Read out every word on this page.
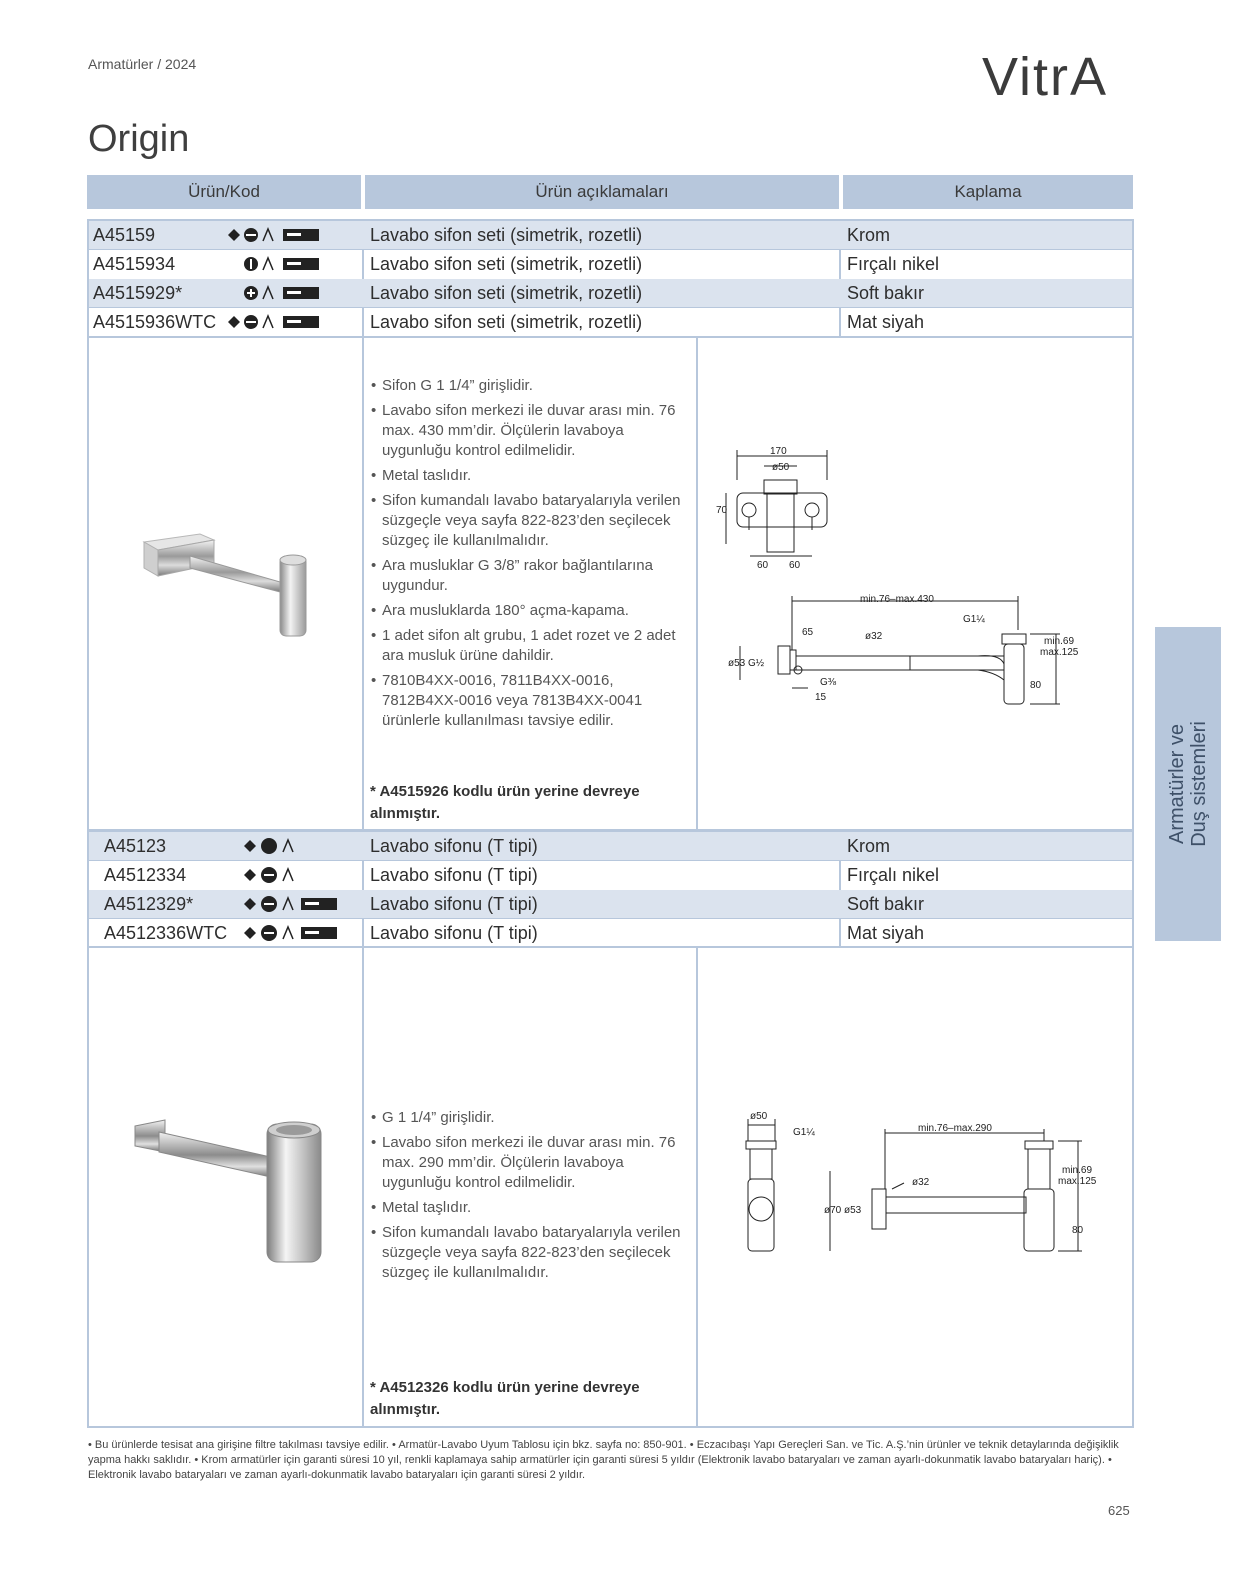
Armatürler / 2024	VitrA
Origin
Ürün/Kod	Ürün açıklamaları	Kaplama
A45159	Lavabo sifon seti (simetrik, rozetli)	Krom
A4515934	Lavabo sifon seti (simetrik, rozetli)	Fırçalı nikel
A4515929*	Lavabo sifon seti (simetrik, rozetli)	Soft bakır
A4515936WTC	Lavabo sifon seti (simetrik, rozetli)	Mat siyah
• Sifon G 1 1/4” girişlidir.
• Lavabo sifon merkezi ile duvar arası min. 76 max. 430 mm’dir. Ölçülerin lavaboya uygunluğu kontrol edilmelidir.
• Metal taslıdır.
• Sifon kumandalı lavabo bataryalarıyla verilen süzgeçle veya sayfa 822-823’den seçilecek süzgeç ile kullanılmalıdır.
• Ara musluklar G 3/8” rakor bağlantılarına uygundur.
• Ara musluklarda 180° açma-kapama.
• 1 adet sifon alt grubu, 1 adet rozet ve 2 adet ara musluk ürüne dahildir.
• 7810B4XX-0016, 7811B4XX-0016, 7812B4XX-0016 veya 7813B4XX-0041 ürünlerle kullanılması tavsiye edilir.
* A4515926 kodlu ürün yerine devreye alınmıştır.
170
ø50
70
60 60
min.76–max.430
G1¼
65	ø32	min.69
max.125
ø53 G½
G⅜
15
80
A45123	Lavabo sifonu (T tipi)	Krom
A4512334	Lavabo sifonu (T tipi)	Fırçalı nikel
A4512329*	Lavabo sifonu (T tipi)	Soft bakır
A4512336WTC	Lavabo sifonu (T tipi)	Mat siyah
• G 1 1/4” girişlidir.
• Lavabo sifon merkezi ile duvar arası min. 76 max. 290 mm’dir. Ölçülerin lavaboya uygunluğu kontrol edilmelidir.
• Metal taşlıdır.
• Sifon kumandalı lavabo bataryalarıyla verilen süzgeçle veya sayfa 822-823’den seçilecek süzgeç ile kullanılmalıdır.
* A4512326 kodlu ürün yerine devreye alınmıştır.
ø50
G1¼	min.76–max.290
ø32
min.69
max.125
ø70 ø53
80
Armatürler ve
Duş sistemleri
• Bu ürünlerde tesisat ana girişine filtre takılması tavsiye edilir. • Armatür-Lavabo Uyum Tablosu için bkz. sayfa no: 850-901. • Eczacıbaşı Yapı Gereçleri San. ve Tic. A.Ş.’nin ürünler ve teknik detaylarında değişiklik yapma hakkı saklıdır. • Krom armatürler için garanti süresi 10 yıl, renkli kaplamaya sahip armatürler için garanti süresi 5 yıldır (Elektronik lavabo bataryaları ve zaman ayarlı-dokunmatik lavabo bataryaları hariç). • Elektronik lavabo bataryaları ve zaman ayarlı-dokunmatik lavabo bataryaları için garanti süresi 2 yıldır.
625
